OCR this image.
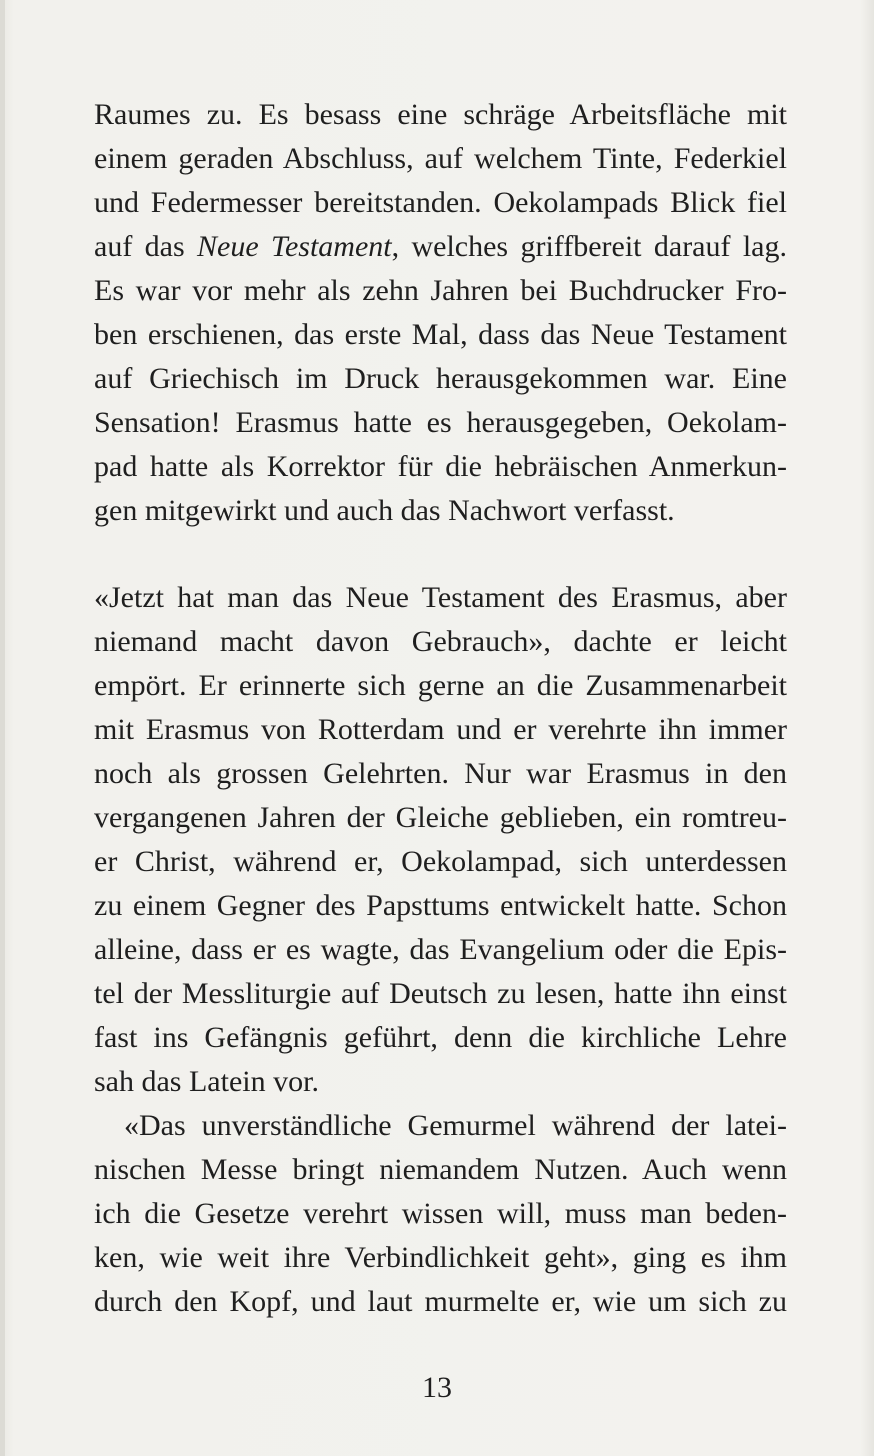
Raumes zu. Es besass eine schräge Arbeitsfläche mit
einem geraden Abschluss, auf welchem Tinte, Federkiel
und Federmesser bereitstanden. Oekolampads Blick fiel
auf das Neue Testament, welches griffbereit darauf lag.
Es war vor mehr als zehn Jahren bei Buchdrucker Fro-
ben erschienen, das erste Mal, dass das Neue Testament
auf Griechisch im Druck herausgekommen war. Eine
Sensation! Erasmus hatte es herausgegeben, Oekolam-
pad hatte als Korrektor für die hebräischen Anmerkun-
gen mitgewirkt und auch das Nachwort verfasst.
«Jetzt hat man das Neue Testament des Erasmus, aber
niemand macht davon Gebrauch», dachte er leicht
empört. Er erinnerte sich gerne an die Zusammenarbeit
mit Erasmus von Rotterdam und er verehrte ihn immer
noch als grossen Gelehrten. Nur war Erasmus in den
vergangenen Jahren der Gleiche geblieben, ein romtreu-
er Christ, während er, Oekolampad, sich unterdessen
zu einem Gegner des Papsttums entwickelt hatte. Schon
alleine, dass er es wagte, das Evangelium oder die Epis-
tel der Messliturgie auf Deutsch zu lesen, hatte ihn einst
fast ins Gefängnis geführt, denn die kirchliche Lehre
sah das Latein vor.
«Das unverständliche Gemurmel während der latei-
nischen Messe bringt niemandem Nutzen. Auch wenn
ich die Gesetze verehrt wissen will, muss man beden-
ken, wie weit ihre Verbindlichkeit geht», ging es ihm
durch den Kopf, und laut murmelte er, wie um sich zu
13
